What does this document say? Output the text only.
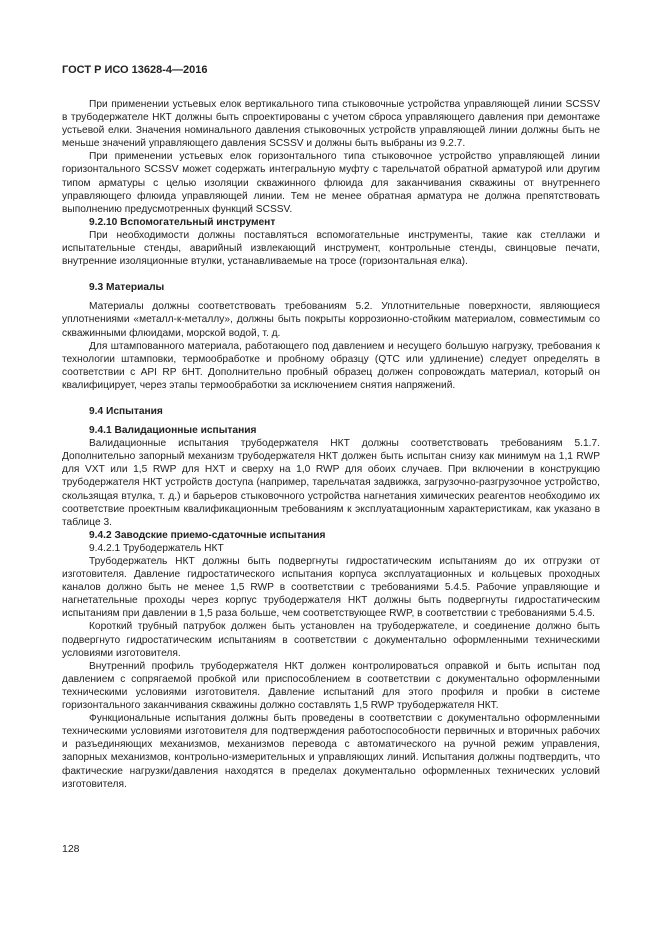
ГОСТ Р ИСО 13628-4—2016

При применении устьевых елок вертикального типа стыковочные устройства управляющей линии SCSSV в трубодержателе НКТ должны быть спроектированы с учетом сброса управляющего давления при демонтаже устьевой елки. Значения номинального давления стыковочных устройств управляющей линии должны быть не меньше значений управляющего давления SCSSV и должны быть выбраны из 9.2.7.

При применении устьевых елок горизонтального типа стыковочное устройство управляющей линии горизонтального SCSSV может содержать интегральную муфту с тарельчатой обратной арматурой или другим типом арматуры с целью изоляции скважинного флюида для заканчивания скважины от внутреннего управляющего флюида управляющей линии. Тем не менее обратная арматура не должна препятствовать выполнению предусмотренных функций SCSSV.

9.2.10 Вспомогательный инструмент

При необходимости должны поставляться вспомогательные инструменты, такие как стеллажи и испытательные стенды, аварийный извлекающий инструмент, контрольные стенды, свинцовые печати, внутренние изоляционные втулки, устанавливаемые на тросе (горизонтальная елка).

9.3 Материалы

Материалы должны соответствовать требованиям 5.2. Уплотнительные поверхности, являющиеся уплотнениями «металл-к-металлу», должны быть покрыты коррозионно-стойким материалом, совместимым со скважинными флюидами, морской водой, т. д.

Для штампованного материала, работающего под давлением и несущего большую нагрузку, требования к технологии штамповки, термообработке и пробному образцу (QTC или удлинение) следует определять в соответствии с API RP 6HT. Дополнительно пробный образец должен сопровождать материал, который он квалифицирует, через этапы термообработки за исключением снятия напряжений.

9.4 Испытания

9.4.1 Валидационные испытания

Валидационные испытания трубодержателя НКТ должны соответствовать требованиям 5.1.7. Дополнительно запорный механизм трубодержателя НКТ должен быть испытан снизу как минимум на 1,1 RWP для VXT или 1,5 RWP для HXT и сверху на 1,0 RWP для обоих случаев. При включении в конструкцию трубодержателя НКТ устройств доступа (например, тарельчатая задвижка, загрузочно-разгрузочное устройство, скользящая втулка, т. д.) и барьеров стыковочного устройства нагнетания химических реагентов необходимо их соответствие проектным квалификационным требованиям к эксплуатационным характеристикам, как указано в таблице 3.

9.4.2 Заводские приемо-сдаточные испытания

9.4.2.1 Трубодержатель НКТ

Трубодержатель НКТ должны быть подвергнуты гидростатическим испытаниям до их отгрузки от изготовителя. Давление гидростатического испытания корпуса эксплуатационных и кольцевых проходных каналов должно быть не менее 1,5 RWP в соответствии с требованиями 5.4.5. Рабочие управляющие и нагнетательные проходы через корпус трубодержателя НКТ должны быть подвергнуты гидростатическим испытаниям при давлении в 1,5 раза больше, чем соответствующее RWP, в соответствии с требованиями 5.4.5.

Короткий трубный патрубок должен быть установлен на трубодержателе, и соединение должно быть подвергнуто гидростатическим испытаниям в соответствии с документально оформленными техническими условиями изготовителя.

Внутренний профиль трубодержателя НКТ должен контролироваться оправкой и быть испытан под давлением с сопрягаемой пробкой или приспособлением в соответствии с документально оформленными техническими условиями изготовителя. Давление испытаний для этого профиля и пробки в системе горизонтального заканчивания скважины должно составлять 1,5 RWP трубодержателя НКТ.

Функциональные испытания должны быть проведены в соответствии с документально оформленными техническими условиями изготовителя для подтверждения работоспособности первичных и вторичных рабочих и разъединяющих механизмов, механизмов перевода с автоматического на ручной режим управления, запорных механизмов, контрольно-измерительных и управляющих линий. Испытания должны подтвердить, что фактические нагрузки/давления находятся в пределах документально оформленных технических условий изготовителя.

128
